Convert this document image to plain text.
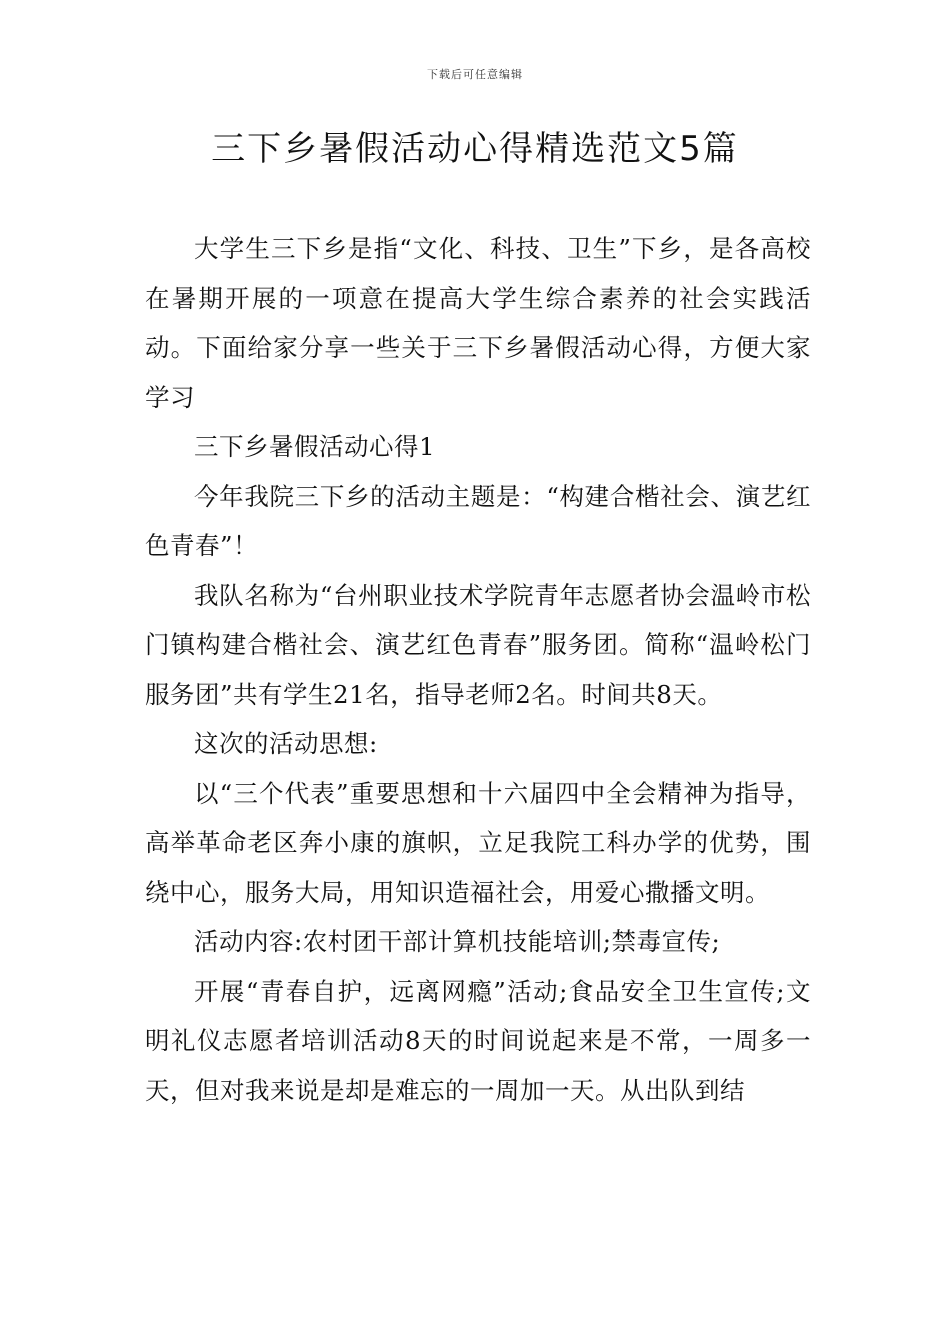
下载后可任意编辑
三下乡暑假活动心得精选范文5篇

大学生三下乡是指“文化、科技、卫生”下乡，是各高校在暑期开展的一项意在提高大学生综合素养的社会实践活动。下面给家分享一些关于三下乡暑假活动心得，方便大家学习

三下乡暑假活动心得1

今年我院三下乡的活动主题是：“构建合楷社会、演艺红色青春”！

我队名称为“台州职业技术学院青年志愿者协会温岭市松门镇构建合楷社会、演艺红色青春”服务团。简称“温岭松门服务团”共有学生21名，指导老师2名。时间共8天。

这次的活动思想:

以“三个代表”重要思想和十六届四中全会精神为指导，高举革命老区奔小康的旗帜，立足我院工科办学的优势，围绕中心，服务大局，用知识造福社会，用爱心撒播文明。

活动内容:农村团干部计算机技能培训;禁毒宣传;

开展“青春自护，远离网瘾”活动;食品安全卫生宣传;文明礼仪志愿者培训活动8天的时间说起来是不常，一周多一天，但对我来说是却是难忘的一周加一天。从出队到结
